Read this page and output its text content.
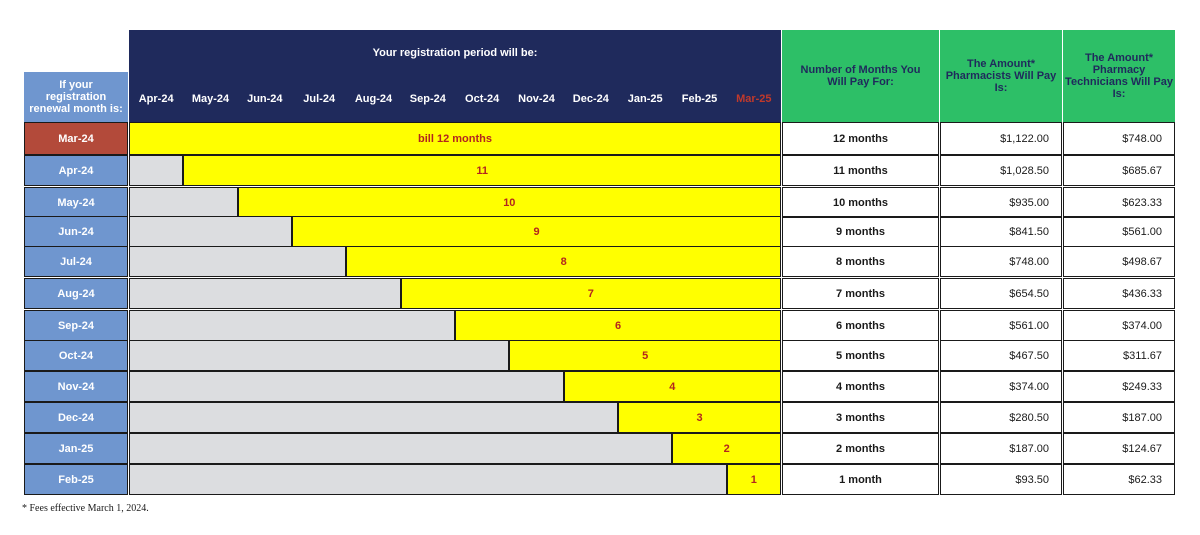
Your registration period will be:
Apr-24	May-24	Jun-24	Jul-24	Aug-24	Sep-24	Oct-24	Nov-24	Dec-24	Jan-25	Feb-25	Mar-25
If your registration renewal month is:
Number of Months You Will Pay For:
The Amount* Pharmacists Will Pay Is:
The Amount* Pharmacy Technicians Will Pay Is:
Mar-24	bill 12 months	12 months	$1,122.00	$748.00
Apr-24	11	11 months	$1,028.50	$685.67
May-24	10	10 months	$935.00	$623.33
Jun-24	9	9 months	$841.50	$561.00
Jul-24	8	8 months	$748.00	$498.67
Aug-24	7	7 months	$654.50	$436.33
Sep-24	6	6 months	$561.00	$374.00
Oct-24	5	5 months	$467.50	$311.67
Nov-24	4	4 months	$374.00	$249.33
Dec-24	3	3 months	$280.50	$187.00
Jan-25	2	2 months	$187.00	$124.67
Feb-25	1	1 month	$93.50	$62.33
* Fees effective March 1, 2024.
